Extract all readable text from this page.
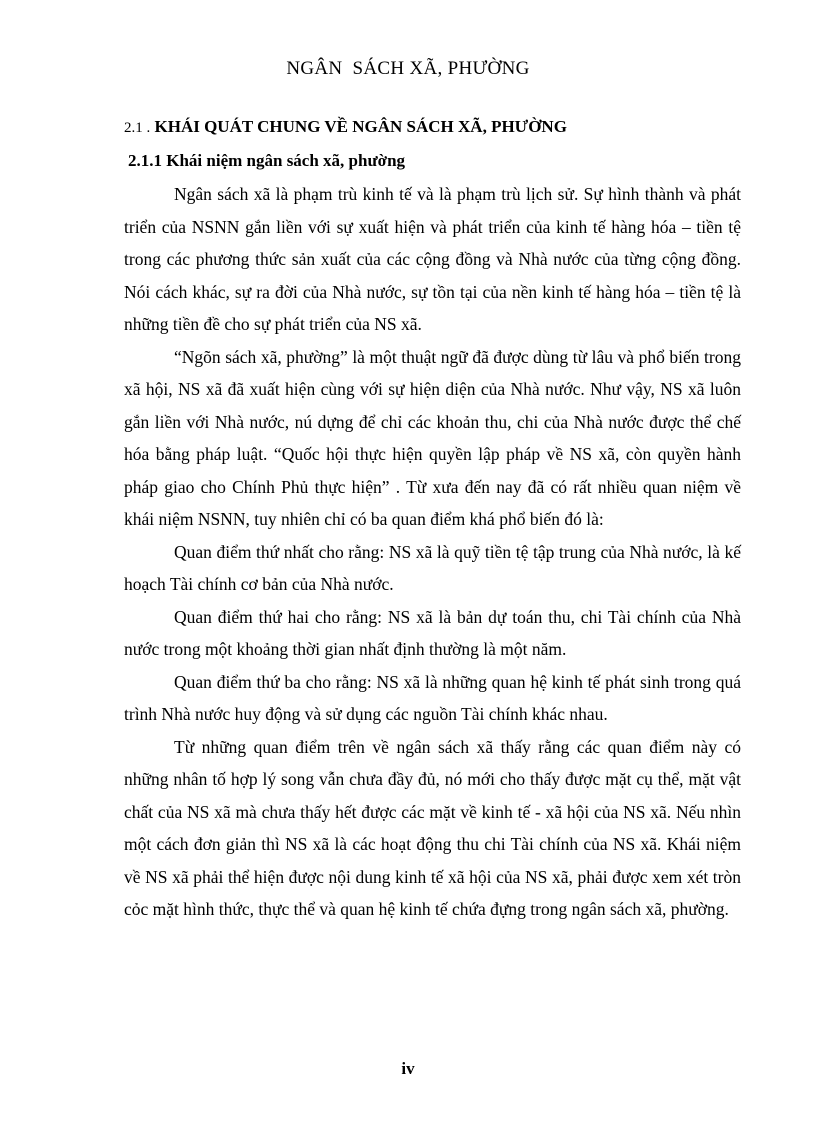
NGÂN  SÁCH XÃ, PHƯỜNG
2.1 . KHÁI QUÁT CHUNG VỀ NGÂN SÁCH XÃ, PHƯỜNG
2.1.1 Khái niệm ngân sách xã, phường

Ngân sách xã là phạm trù kinh tế và là phạm trù lịch sử. Sự hình thành và phát triển của NSNN gắn liền với sự xuất hiện và phát triển của kinh tế hàng hóa – tiền tệ trong các phương thức sản xuất của các cộng đồng và Nhà nước của từng cộng đồng. Nói cách khác, sự ra đời của Nhà nước, sự tồn tại của nền kinh tế hàng hóa – tiền tệ là những tiền đề cho sự phát triển của NS xã.

“Ngõn sách xã, phường” là một thuật ngữ đã được dùng từ lâu và phổ biến trong xã hội, NS xã đã xuất hiện cùng với sự hiện diện của Nhà nước. Như vậy, NS xã luôn gắn liền với Nhà nước, nú dựng để chỉ các khoản thu, chi của Nhà nước được thể chế hóa bằng pháp luật. “Quốc hội thực hiện quyền lập pháp về NS xã, còn quyền hành pháp giao cho Chính Phủ thực hiện” . Từ xưa đến nay đã có rất nhiều quan niệm về khái niệm NSNN, tuy nhiên chỉ có ba quan điểm khá phổ biến đó là:

Quan điểm thứ nhất cho rằng: NS xã là quỹ tiền tệ tập trung của Nhà nước, là kế hoạch Tài chính cơ bản của Nhà nước.

Quan điểm thứ hai cho rằng: NS xã là bản dự toán thu, chi Tài chính của Nhà nước trong một khoảng thời gian nhất định thường là một năm.

Quan điểm thứ ba cho rằng: NS xã là những quan hệ kinh tế phát sinh trong quá trình Nhà nước huy động và sử dụng các nguồn Tài chính khác nhau.

Từ những quan điểm trên về ngân sách xã thấy rằng các quan điểm này có những nhân tố hợp lý song vẫn chưa đầy đủ, nó mới cho thấy được mặt cụ thể, mặt vật chất của NS xã mà chưa thấy hết được các mặt về kinh tế - xã hội của NS xã. Nếu nhìn một cách đơn giản thì NS xã là các hoạt động thu chi Tài chính của NS xã. Khái niệm về NS xã phải thể hiện được nội dung kinh tế xã hội của NS xã, phải được xem xét tròn cỏc mặt hình thức, thực thể và quan hệ kinh tế chứa đựng trong ngân sách xã, phường.

iv
